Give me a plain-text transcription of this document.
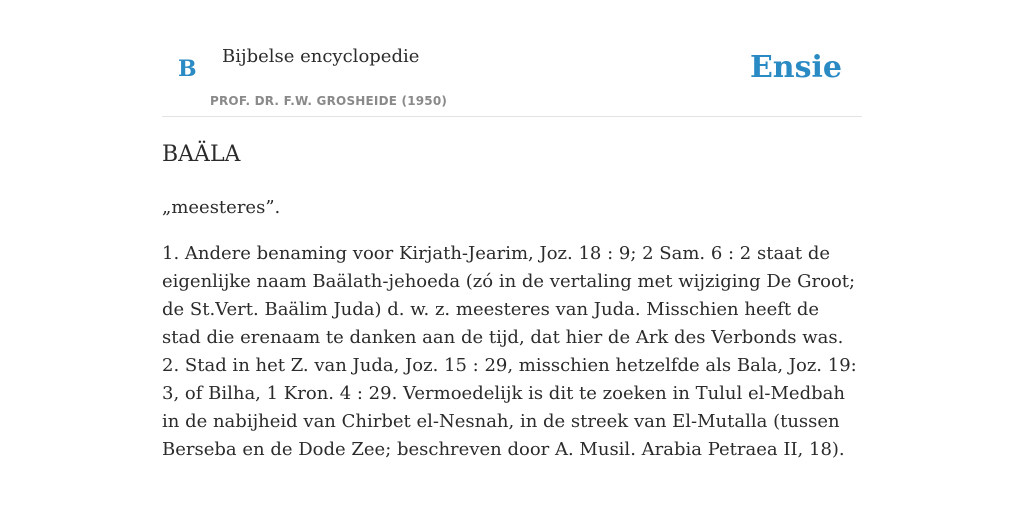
B Bijbelse encyclopedie
PROF. DR. F.W. GROSHEIDE (1950)
Ensie
BAÄLA

„meesteres”.

1. Andere benaming voor Kirjath-Jearim, Joz. 18 : 9; 2 Sam. 6 : 2 staat de eigenlijke naam Baälath-jehoeda (zó in de vertaling met wijziging De Groot; de St.Vert. Baälim Juda) d. w. z. meesteres van Juda. Misschien heeft de stad die erenaam te danken aan de tijd, dat hier de Ark des Verbonds was.

2. Stad in het Z. van Juda, Joz. 15 : 29, misschien hetzelfde als Bala, Joz. 19: 3, of Bilha, 1 Kron. 4 : 29. Vermoedelijk is dit te zoeken in Tulul el-Medbah in de nabijheid van Chirbet el-Nesnah, in de streek van El-Mutalla (tussen Berseba en de Dode Zee; beschreven door A. Musil. Arabia Petraea II, 18).
